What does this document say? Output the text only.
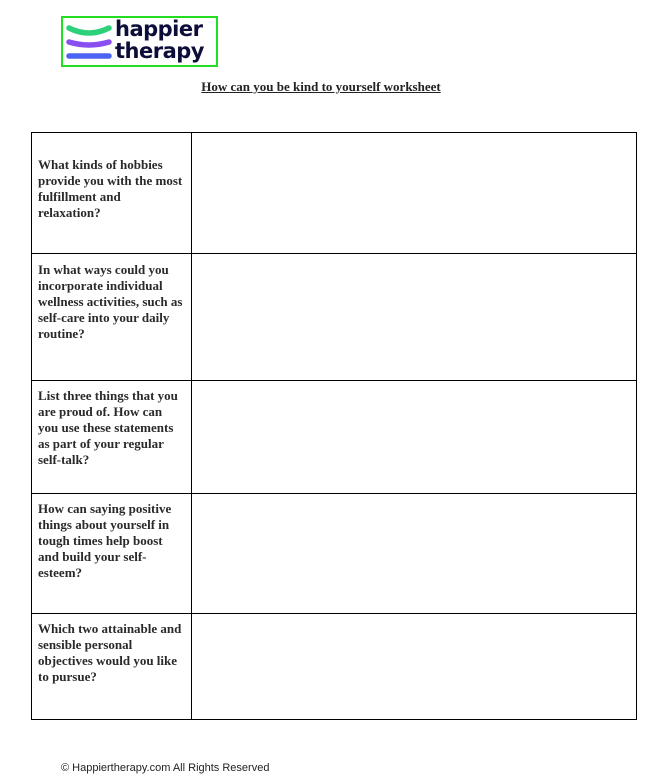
happier
therapy
How can you be kind to yourself worksheet
What kinds of hobbies provide you with the most fulfillment and relaxation?	

In what ways could you incorporate individual wellness activities, such as self-care into your daily routine?	

List three things that you are proud of. How can you use these statements as part of your regular self-talk?	

How can saying positive things about yourself in tough times help boost and build your self-esteem?	

Which two attainable and sensible personal objectives would you like to pursue?	

© Happiertherapy.com All Rights Reserved
